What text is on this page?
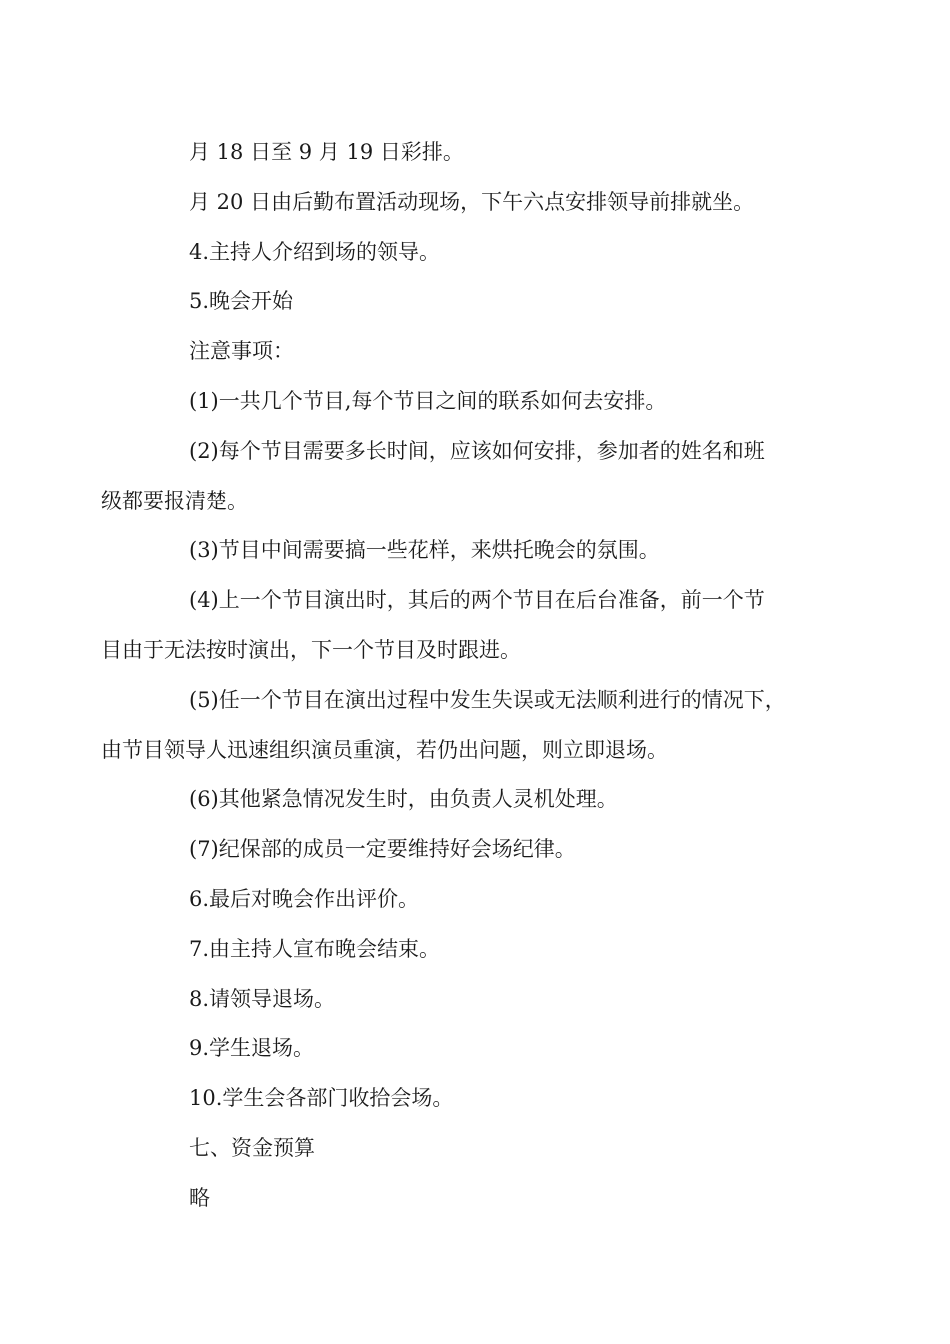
月 18 日至 9 月 19 日彩排。

月 20 日由后勤布置活动现场，下午六点安排领导前排就坐。

4.主持人介绍到场的领导。

5.晚会开始

注意事项：

(1)一共几个节目,每个节目之间的联系如何去安排。

(2)每个节目需要多长时间，应该如何安排，参加者的姓名和班
级都要报清楚。

(3)节目中间需要搞一些花样，来烘托晚会的氛围。

(4)上一个节目演出时，其后的两个节目在后台准备，前一个节
目由于无法按时演出，下一个节目及时跟进。

(5)任一个节目在演出过程中发生失误或无法顺利进行的情况下，
由节目领导人迅速组织演员重演，若仍出问题，则立即退场。

(6)其他紧急情况发生时，由负责人灵机处理。

(7)纪保部的成员一定要维持好会场纪律。

6.最后对晚会作出评价。

7.由主持人宣布晚会结束。

8.请领导退场。

9.学生退场。

10.学生会各部门收拾会场。

七、资金预算

略
